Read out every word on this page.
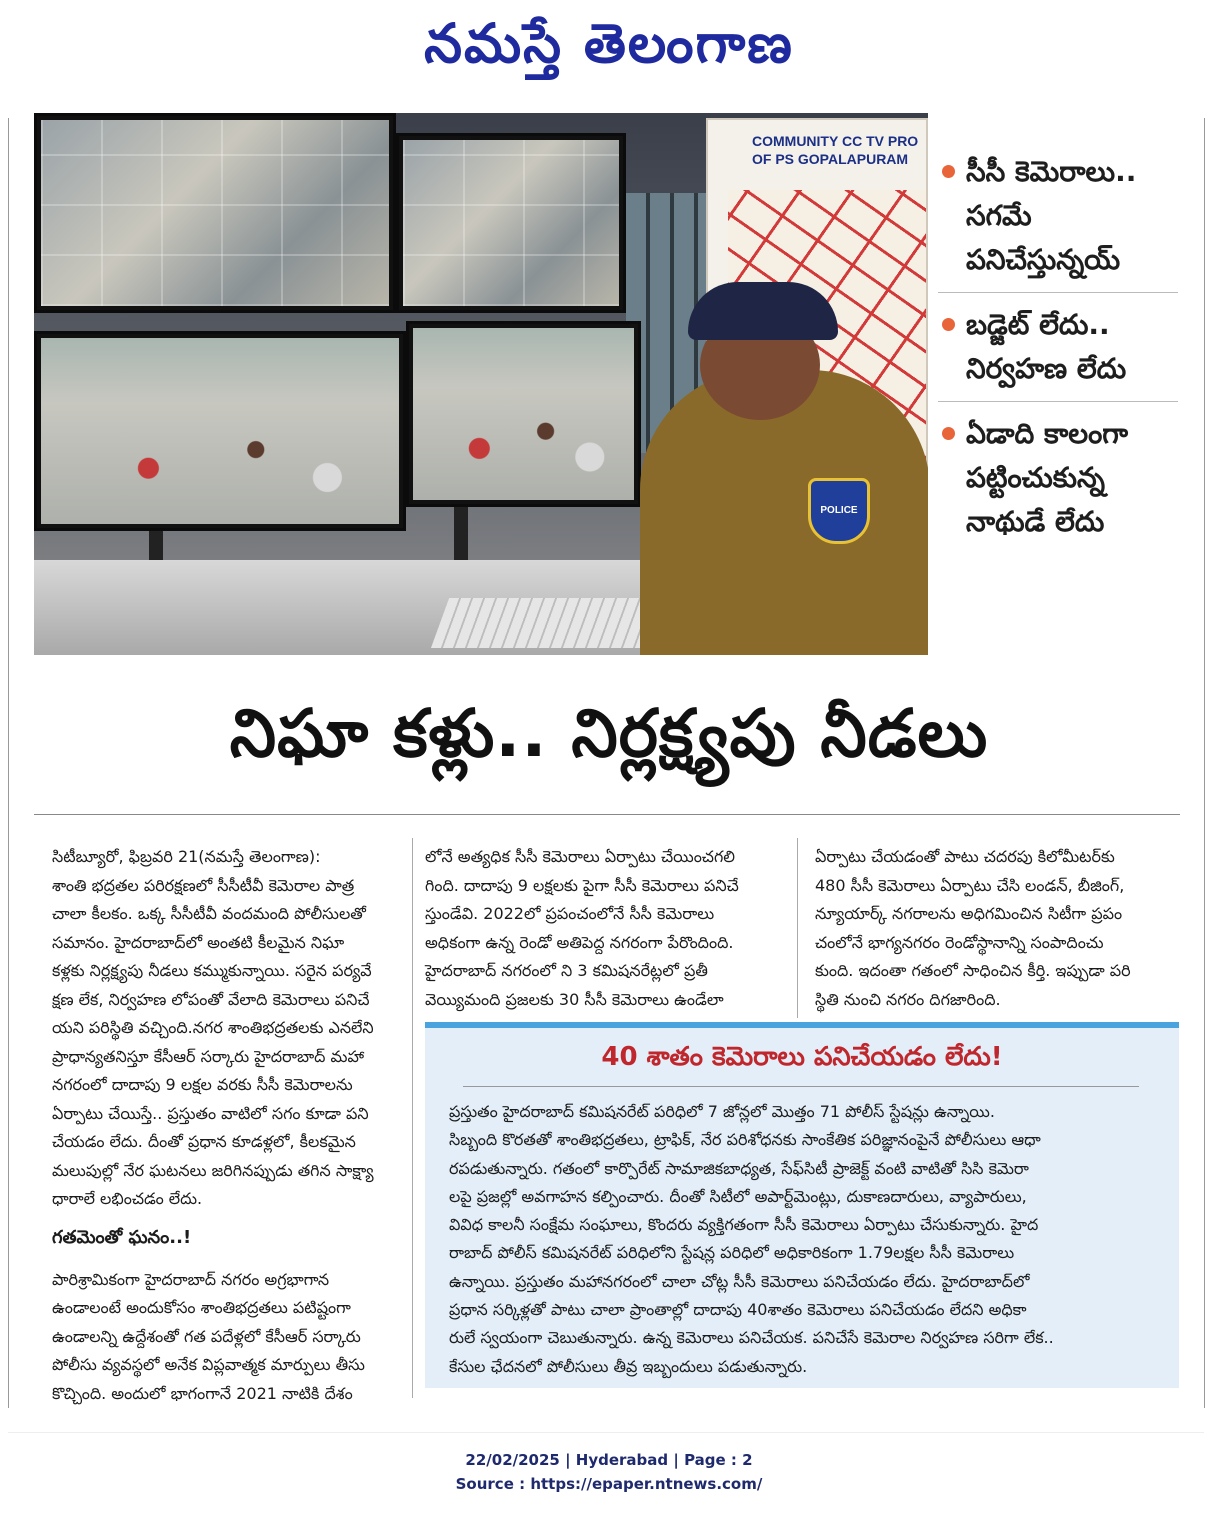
నమస్తే తెలంగాణ
COMMUNITY CC TV PRO
OF PS GOPALAPURAM
POLICE
సీసీ కెమెరాలు..
సగమే
పనిచేస్తున్నయ్
బడ్జెట్ లేదు..
నిర్వహణ లేదు
ఏడాది కాలంగా
పట్టించుకున్న
నాథుడే లేదు
నిఘా కళ్లు.. నిర్లక్ష్యపు నీడలు

సిటీబ్యూరో, ఫిబ్రవరి 21(నమస్తే తెలంగాణ):

శాంతి భద్రతల పరిరక్షణలో సీసీటీవీ కెమెరాల పాత్ర

చాలా కీలకం. ఒక్క సీసీటీవీ వందమంది పోలీసులతో

సమానం. హైదరాబాద్‌లో అంతటి కీలమైన నిఘా

కళ్లకు నిర్లక్ష్యపు నీడలు కమ్ముకున్నాయి. సరైన పర్యవే

క్షణ లేక, నిర్వహణ లోపంతో వేలాది కెమెరాలు పనిచే

యని పరిస్థితి వచ్చింది.నగర శాంతిభద్రతలకు ఎనలేని

ప్రాధాన్యతనిస్తూ కేసీఆర్ సర్కారు హైదరాబాద్ మహా

నగరంలో దాదాపు 9 లక్షల వరకు సీసీ కెమెరాలను

ఏర్పాటు చేయిస్తే.. ప్రస్తుతం వాటిలో సగం కూడా పని

చేయడం లేదు. దీంతో ప్రధాన కూడళ్లలో, కీలకమైన

మలుపుల్లో నేర ఘటనలు జరిగినప్పుడు తగిన సాక్ష్యా

ధారాలే లభించడం లేదు.

గతమెంతో ఘనం..!

పారిశ్రామికంగా హైదరాబాద్ నగరం అగ్రభాగాన

ఉండాలంటే అందుకోసం శాంతిభద్రతలు పటిష్టంగా

ఉండాలన్ని ఉద్దేశంతో గత పదేళ్లలో కేసీఆర్ సర్కారు

పోలీసు వ్యవస్థలో అనేక విప్లవాత్మక మార్పులు తీసు

కొచ్చింది. అందులో భాగంగానే 2021 నాటికి దేశం

లోనే అత్యధిక సీసీ కెమెరాలు ఏర్పాటు చేయించగలి

గింది. దాదాపు 9 లక్షలకు పైగా సీసీ కెమెరాలు పనిచే

స్తుండేవి. 2022లో ప్రపంచంలోనే సీసీ కెమెరాలు

అధికంగా ఉన్న రెండో అతిపెద్ద నగరంగా పేరొందింది.

హైదరాబాద్ నగరంలో ని 3 కమిషనరేట్లలో ప్రతీ

వెయ్యిమంది ప్రజలకు 30 సీసీ కెమెరాలు ఉండేలా

ఏర్పాటు చేయడంతో పాటు చదరపు కిలోమీటర్‌కు

480 సీసీ కెమెరాలు ఏర్పాటు చేసి లండన్, బీజింగ్,

న్యూయార్క్ నగరాలను అధిగమించిన సిటీగా ప్రపం

చంలోనే భాగ్యనగరం రెండోస్థానాన్ని సంపాదించు

కుంది. ఇదంతా గతంలో సాధించిన కీర్తి. ఇప్పుడా పరి

స్థితి నుంచి నగరం దిగజారింది.

40 శాతం కెమెరాలు పనిచేయడం లేదు!

ప్రస్తుతం హైదరాబాద్ కమిషనరేట్ పరిధిలో 7 జోన్లలో మొత్తం 71 పోలీస్ స్టేషన్లు ఉన్నాయి.

సిబ్బంది కొరతతో శాంతిభద్రతలు, ట్రాఫిక్, నేర పరిశోధనకు సాంకేతిక పరిజ్ఞానంపైనే పోలీసులు ఆధా

రపడుతున్నారు. గతంలో కార్పొరేట్ సామాజికబాధ్యత, సేఫ్‌సిటీ ప్రాజెక్ట్ వంటి వాటితో సిసి కెమెరా

లపై ప్రజల్లో అవగాహన కల్పించారు. దీంతో సిటీలో అపార్ట్‌మెంట్లు, దుకాణదారులు, వ్యాపారులు,

వివిధ కాలనీ సంక్షేమ సంఘాలు, కొందరు వ్యక్తిగతంగా సీసీ కెమెరాలు ఏర్పాటు చేసుకున్నారు. హైద

రాబాద్ పోలీస్ కమిషనరేట్ పరిధిలోని స్టేషన్ల పరిధిలో అధికారికంగా 1.79లక్షల సీసీ కెమెరాలు

ఉన్నాయి. ప్రస్తుతం మహానగరంలో చాలా చోట్ల సీసీ కెమెరాలు పనిచేయడం లేదు. హైదరాబాద్‌లో

ప్రధాన సర్కిళ్లతో పాటు చాలా ప్రాంతాల్లో దాదాపు 40శాతం కెమెరాలు పనిచేయడం లేదని అధికా

రులే స్వయంగా చెబుతున్నారు. ఉన్న కెమెరాలు పనిచేయక. పనిచేసే కెమెరాల నిర్వహణ సరిగా లేక..

కేసుల ఛేదనలో పోలీసులు తీవ్ర ఇబ్బందులు పడుతున్నారు.

22/02/2025 | Hyderabad | Page : 2
Source : https://epaper.ntnews.com/
